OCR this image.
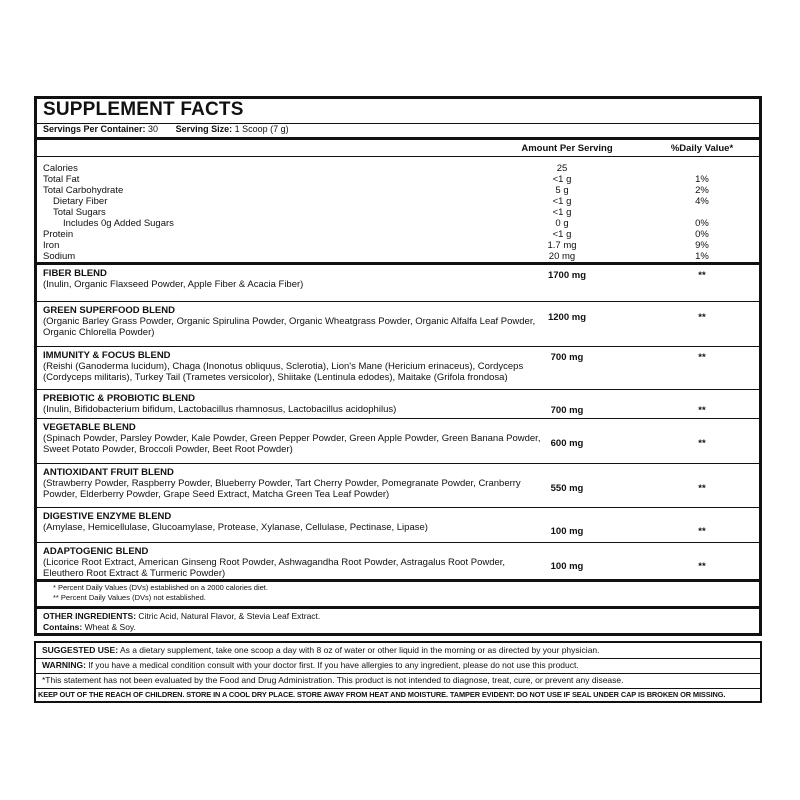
SUPPLEMENT FACTS
Servings Per Container: 30 Serving Size: 1 Scoop (7 g)
Amount Per Serving	%Daily Value*
Calories	25
Total Fat	<1 g	1%
Total Carbohydrate	5 g	2%
Dietary Fiber	<1 g	4%
Total Sugars	<1 g
Includes 0g Added Sugars	0 g	0%
Protein	<1 g	0%
Iron	1.7 mg	9%
Sodium	20 mg	1%
FIBER BLEND
(Inulin, Organic Flaxseed Powder, Apple Fiber & Acacia Fiber)
1700 mg	**
GREEN SUPERFOOD BLEND
(Organic Barley Grass Powder, Organic Spirulina Powder, Organic Wheatgrass Powder, Organic Alfalfa Leaf Powder, Organic Chlorella Powder)
1200 mg	**
IMMUNITY & FOCUS BLEND
(Reishi (Ganoderma lucidum), Chaga (Inonotus obliquus, Sclerotia), Lion's Mane (Hericium erinaceus), Cordyceps (Cordyceps militaris), Turkey Tail (Trametes versicolor), Shiitake (Lentinula edodes), Maitake (Grifola frondosa)
700 mg	**
PREBIOTIC & PROBIOTIC BLEND
(Inulin, Bifidobacterium bifidum, Lactobacillus rhamnosus, Lactobacillus acidophilus)	700 mg	**
VEGETABLE BLEND
(Spinach Powder, Parsley Powder, Kale Powder, Green Pepper Powder, Green Apple Powder, Green Banana Powder, Sweet Potato Powder, Broccoli Powder, Beet Root Powder)
600 mg	**
ANTIOXIDANT FRUIT BLEND
(Strawberry Powder, Raspberry Powder, Blueberry Powder, Tart Cherry Powder, Pomegranate Powder, Cranberry Powder, Elderberry Powder, Grape Seed Extract, Matcha Green Tea Leaf Powder)
550 mg	**
DIGESTIVE ENZYME BLEND
(Amylase, Hemicellulase, Glucoamylase, Protease, Xylanase, Cellulase, Pectinase, Lipase)	100 mg	**
ADAPTOGENIC BLEND
(Licorice Root Extract, American Ginseng Root Powder, Ashwagandha Root Powder, Astragalus Root Powder, Eleuthero Root Extract & Turmeric Powder)
100 mg	**
* Percent Daily Values (DVs) established on a 2000 calories diet.
** Percent Daily Values (DVs) not established.
OTHER INGREDIENTS: Citric Acid, Natural Flavor, & Stevia Leaf Extract.
Contains: Wheat & Soy.
SUGGESTED USE: As a dietary supplement, take one scoop a day with 8 oz of water or other liquid in the morning or as directed by your physician.
WARNING: If you have a medical condition consult with your doctor first. If you have allergies to any ingredient, please do not use this product.
*This statement has not been evaluated by the Food and Drug Administration. This product is not intended to diagnose, treat, cure, or prevent any disease.
KEEP OUT OF THE REACH OF CHILDREN. STORE IN A COOL DRY PLACE. STORE AWAY FROM HEAT AND MOISTURE. TAMPER EVIDENT: DO NOT USE IF SEAL UNDER CAP IS BROKEN OR MISSING.
